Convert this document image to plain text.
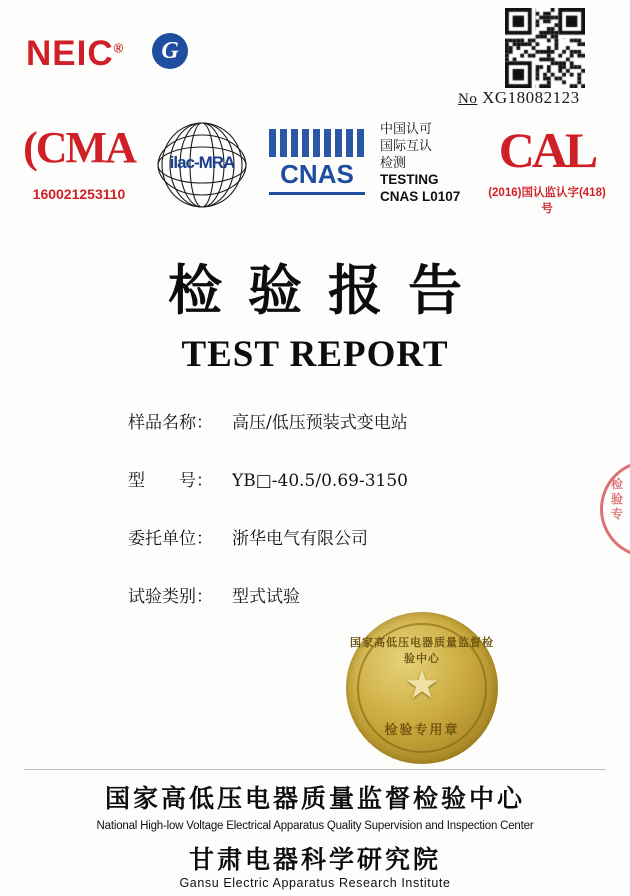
NEIC®	G
No XG18082123
(CMA
160021253110
ilac-MRA	CNAS
中国认可
国际互认
检测
TESTING
CNAS L0107
CAL
(2016)国认监认字(418)号
检验报告
TEST REPORT
样品名称：	高压/低压预装式变电站
型　　号：	YB□-40.5/0.69-3150
委托单位：	浙华电气有限公司
试验类别：	型式试验
国家高低压电器质量监督检验中心
★
检验专用章
检验专
国家高低压电器质量监督检验中心
National High-low Voltage Electrical Apparatus Quality Supervision and Inspection Center
甘肃电器科学研究院
Gansu Electric Apparatus Research Institute
